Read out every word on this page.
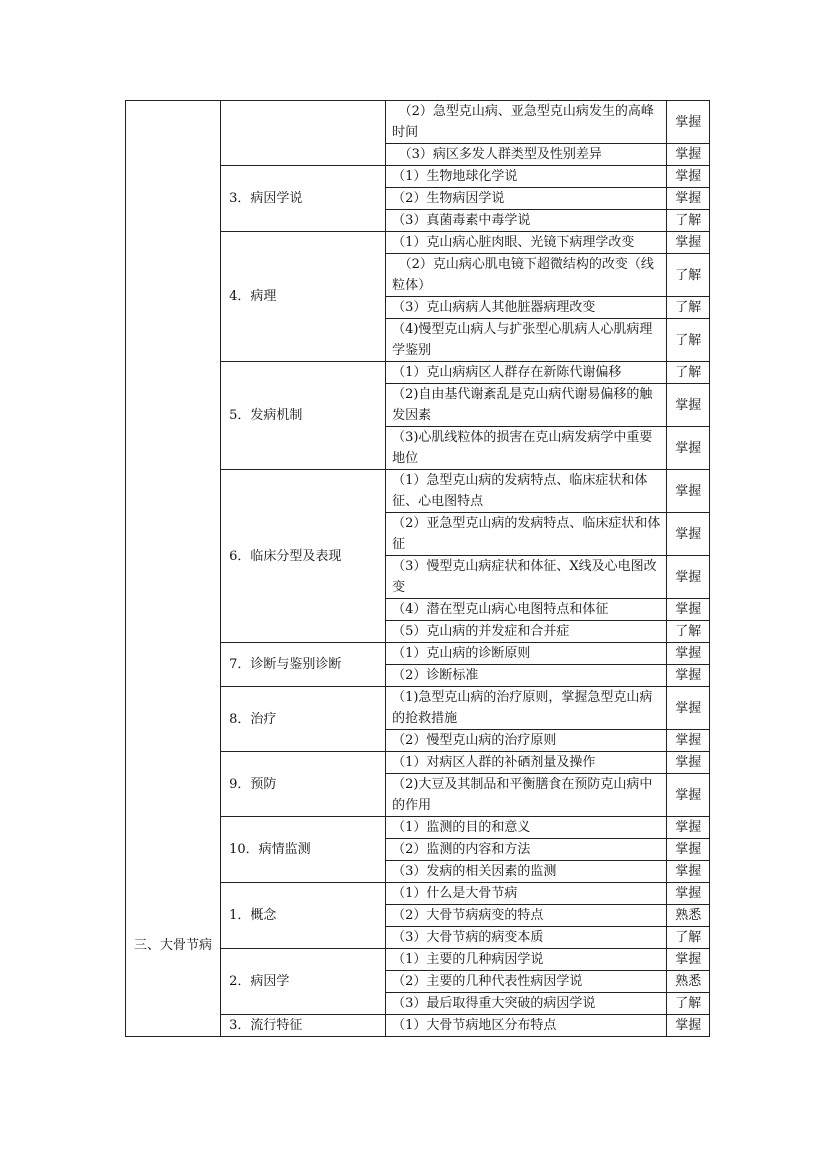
三、大骨节病		（2）急型克山病、亚急型克山病发生的高峰时间	掌握
		（3）病区多发人群类型及性别差异	掌握
	3．病因学说	（1）生物地球化学说	掌握
		（2）生物病因学说	掌握
		（3）真菌毒素中毒学说	了解
	4．病理	（1）克山病心脏肉眼、光镜下病理学改变	掌握
		（2）克山病心肌电镜下超微结构的改变（线粒体）	了解
		（3）克山病病人其他脏器病理改变	了解
		（4)慢型克山病人与扩张型心肌病人心肌病理学鉴别	了解
	5．发病机制	（1）克山病病区人群存在新陈代谢偏移	了解
		（2)自由基代谢紊乱是克山病代谢易偏移的触发因素	掌握
		（3)心肌线粒体的损害在克山病发病学中重要地位	掌握
	6．临床分型及表现	（1）急型克山病的发病特点、临床症状和体征、心电图特点	掌握
		（2）亚急型克山病的发病特点、临床症状和体征	掌握
		（3）慢型克山病症状和体征、X线及心电图改变	掌握
		（4）潜在型克山病心电图特点和体征	掌握
		（5）克山病的并发症和合并症	了解
	7．诊断与鉴别诊断	（1）克山病的诊断原则	掌握
		（2）诊断标准	掌握
	8．治疗	（1)急型克山病的治疗原则，掌握急型克山病的抢救措施	掌握
		（2）慢型克山病的治疗原则	掌握
	9．预防	（1）对病区人群的补硒剂量及操作	掌握
		（2)大豆及其制品和平衡膳食在预防克山病中的作用	掌握
	10．病情监测	（1）监测的目的和意义	掌握
		（2）监测的内容和方法	掌握
		（3）发病的相关因素的监测	掌握
	1．概念	（1）什么是大骨节病	掌握
		（2）大骨节病病变的特点	熟悉
		（3）大骨节病的病变本质	了解
	2．病因学	（1）主要的几种病因学说	掌握
		（2）主要的几种代表性病因学说	熟悉
		（3）最后取得重大突破的病因学说	了解
	3．流行特征	（1）大骨节病地区分布特点	掌握
